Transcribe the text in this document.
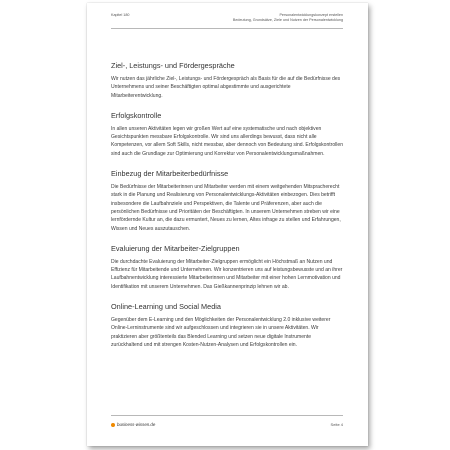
Kapitel 180	Personalentwicklungskonzept erstellen
Bedeutung, Grundsätze, Ziele und Nutzen der Personalentwicklung
Ziel-, Leistungs- und Fördergespräche

Wir nutzen das jährliche Ziel-, Leistungs- und Fördergespräch als Basis für die auf die Bedürfnisse des Unternehmens und seiner Beschäftigten optimal abgestimmte und ausgerichtete Mitarbeiterentwicklung.

Erfolgskontrolle

In allen unseren Aktivitäten legen wir großen Wert auf eine systematische und nach objektiven Gesichtspunkten messbare Erfolgskontrolle. Wir sind uns allerdings bewusst, dass nicht alle Kompetenzen, vor allem Soft Skills, nicht messbar, aber dennoch von Bedeutung sind. Erfolgskontrollen sind auch die Grundlage zur Optimierung und Korrektur von Personalentwicklungsmaßnahmen.

Einbezug der Mitarbeiterbedürfnisse

Die Bedürfnisse der Mitarbeiterinnen und Mitarbeiter werden mit einem weitgehenden Mitspracherecht stark in die Planung und Realisierung von Personalentwicklungs-Aktivitäten einbezogen. Dies betrifft insbesondere die Laufbahnziele und Perspektiven, die Talente und Präferenzen, aber auch die persönlichen Bedürfnisse und Prioritäten der Beschäftigten. In unserem Unternehmen streben wir eine lernfördernde Kultur an, die dazu ermuntert, Neues zu lernen, Altes infrage zu stellen und Erfahrungen, Wissen und Neues auszutauschen.

Evaluierung der Mitarbeiter-Zielgruppen

Die durchdachte Evaluierung der Mitarbeiter-Zielgruppen ermöglicht ein Höchstmaß an Nutzen und Effizienz für Mitarbeitende und Unternehmen. Wir konzentrieren uns auf leistungsbewusste und an ihrer Laufbahnentwicklung interessierte Mitarbeiterinnen und Mitarbeiter mit einer hohen Lernmotivation und Identifikation mit unserem Unternehmen. Das Gießkannenprinzip lehnen wir ab.

Online-Learning und Social Media

Gegenüber dem E-Learning und den Möglichkeiten der Personalentwicklung 2.0 inklusive weiterer Online-Lerninstrumente sind wir aufgeschlossen und integrieren sie in unsere Aktivitäten. Wir praktizieren aber größtenteils das Blended Learning und setzen neue digitale Instrumente zurückhaltend und mit strengen Kosten-Nutzen-Analysen und Erfolgskontrollen ein.

business-wissen.de	Seite 4
